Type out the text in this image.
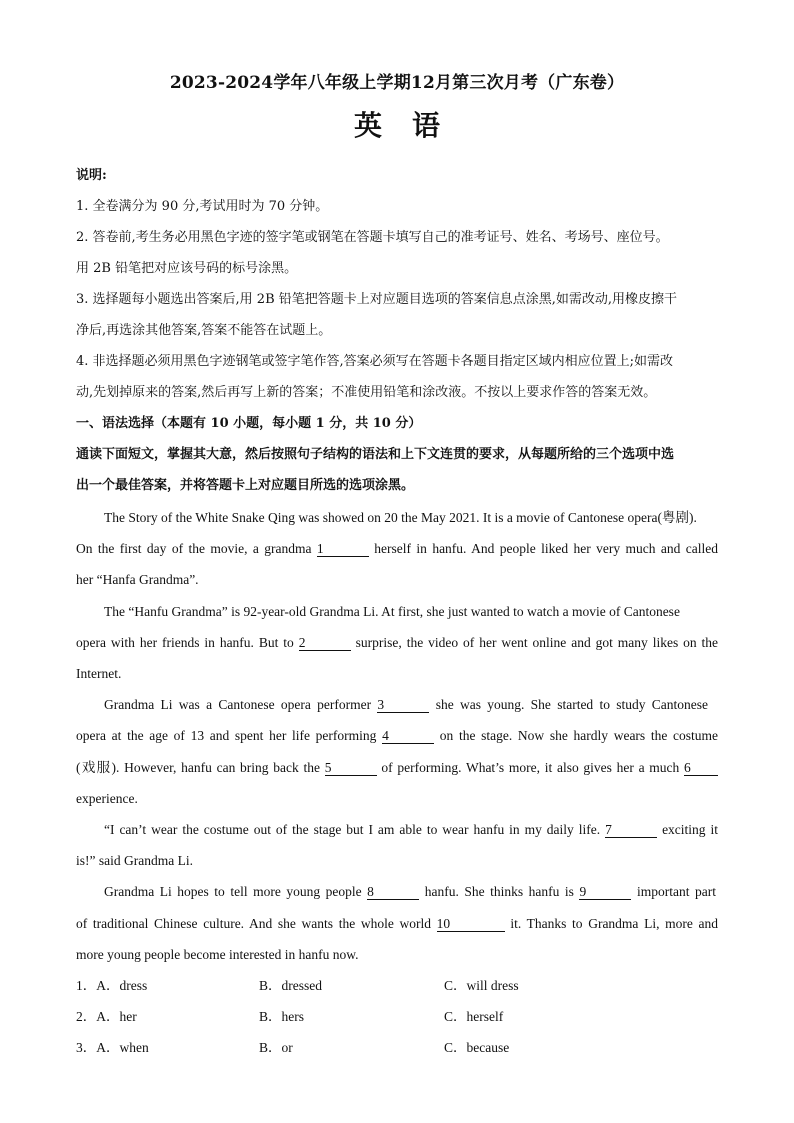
2023-2024学年八年级上学期12月第三次月考（广东卷）
英语
说明:
1. 全卷满分为 90 分,考试用时为 70 分钟。
2. 答卷前,考生务必用黑色字迹的签字笔或钢笔在答题卡填写自己的准考证号、姓名、考场号、座位号。
用 2B 铅笔把对应该号码的标号涂黑。
3. 选择题每小题选出答案后,用 2B 铅笔把答题卡上对应题目选项的答案信息点涂黑,如需改动,用橡皮擦干
净后,再选涂其他答案,答案不能答在试题上。
4. 非选择题必须用黑色字迹钢笔或签字笔作答,答案必须写在答题卡各题目指定区域内相应位置上;如需改
动,先划掉原来的答案,然后再写上新的答案；不准使用铅笔和涂改液。不按以上要求作答的答案无效。
一、语法选择（本题有 10 小题，每小题 1 分，共 10 分）
通读下面短文，掌握其大意，然后按照句子结构的语法和上下文连贯的要求，从每题所给的三个选项中选
出一个最佳答案，并将答题卡上对应题目所选的选项涂黑。
The Story of the White Snake Qing was showed on 20 the May 2021. It is a movie of Cantonese opera(粤剧).
On the first day of the movie, a grandma 1	herself in hanfu. And people liked her very much and called
her “Hanfa Grandma”.
The “Hanfu Grandma” is 92-year-old Grandma Li. At first, she just wanted to watch a movie of Cantonese
opera with her friends in hanfu. But to 2	surprise, the video of her went online and got many likes on the
Internet.
Grandma Li was a Cantonese opera performer 3	she was young. She started to study Cantonese
opera at the age of 13 and spent her life performing 4	on the stage. Now she hardly wears the costume
(戏服). However, hanfu can bring back the 5	of performing. What’s more, it also gives her a much 6
experience.
“I can’t wear the costume out of the stage but I am able to wear hanfu in my daily life. 7	exciting it
is!” said Grandma Li.
Grandma Li hopes to tell more young people 8	hanfu. She thinks hanfu is 9	important part
of traditional Chinese culture. And she wants the whole world 10	it. Thanks to Grandma Li, more and
more young people become interested in hanfu now.
1．A．dress	B．dressed	C．will dress
2．A．her	B．hers	C．herself
3．A．when	B．or	C．because
